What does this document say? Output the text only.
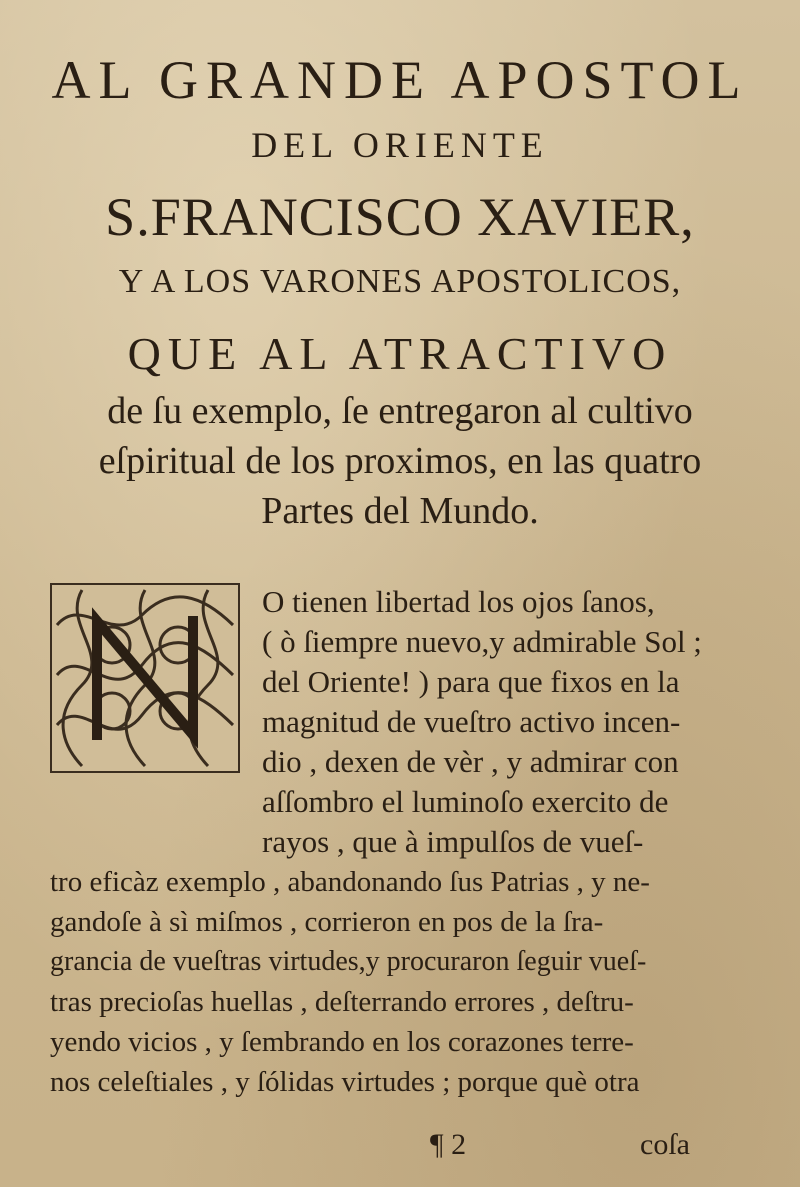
AL GRANDE APOSTOL
DEL ORIENTE
S.FRANCISCO XAVIER,
Y A LOS VARONES APOSTOLICOS,
QUE AL ATRACTIVO
de ſu exemplo, ſe entregaron al cultivo
eſpiritual de los proximos, en las quatro
Partes del Mundo.
O tienen libertad los ojos ſanos,
( ò ſiempre nuevo,y admirable Sol ;
del Oriente! ) para que fixos en la
magnitud de vueſtro activo incen-
dio , dexen de vèr , y admirar con
aſſombro el luminoſo exercito de
rayos , que à impulſos de vueſ-
tro eficàz exemplo , abandonando ſus Patrias , y ne-
gandoſe à sì miſmos , corrieron en pos de la ſra-
grancia de vueſtras virtudes,y procuraron ſeguir vueſ-
tras precioſas huellas , deſterrando errores , deſtru-
yendo vicios , y ſembrando en los corazones terre-
nos celeſtiales , y ſólidas virtudes ; porque què otra
¶ 2	coſa
